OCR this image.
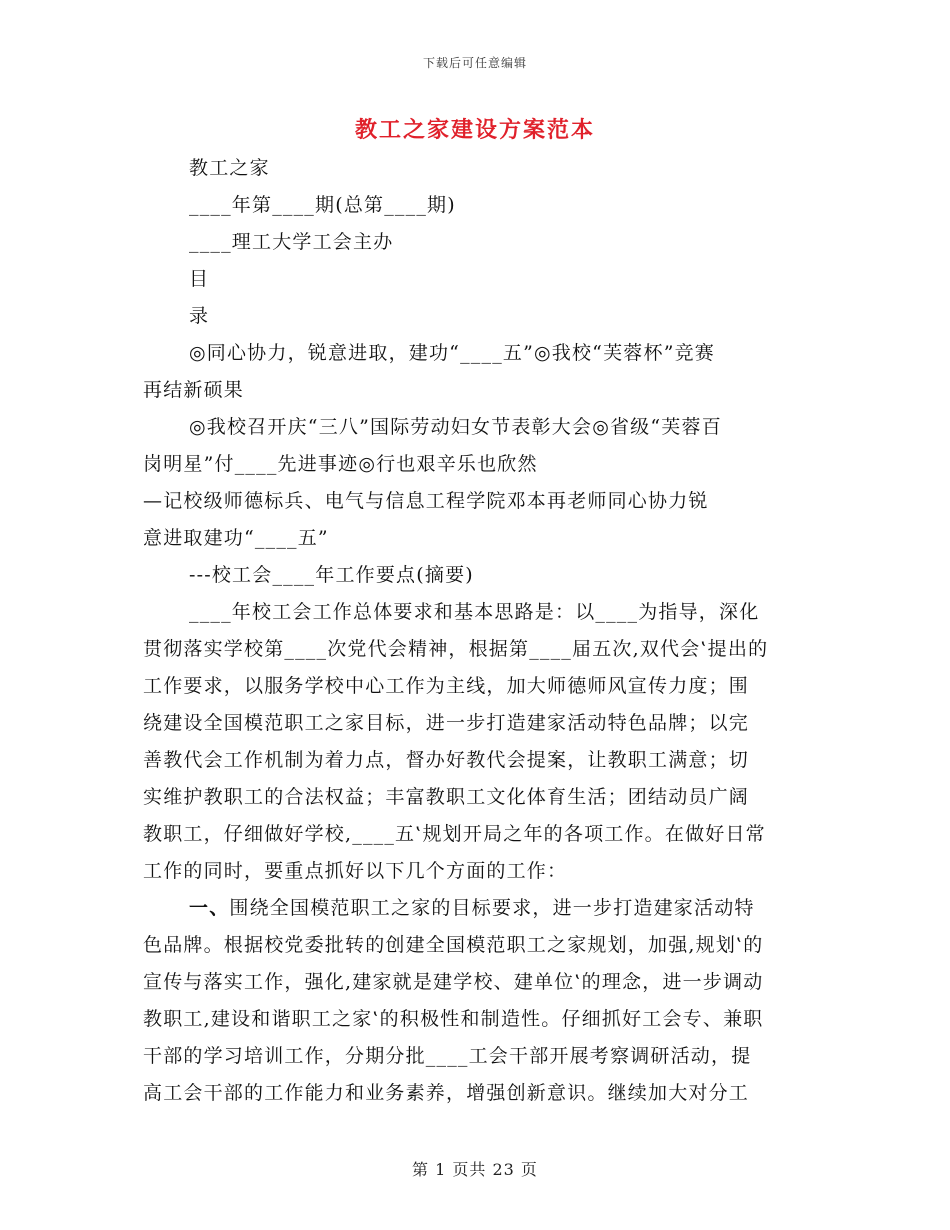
下载后可任意编辑
教工之家建设方案范本
教工之家
____年第____期(总第____期)
____理工大学工会主办
目
录
◎同心协力，锐意进取，建功“____五”◎我校“芙蓉杯”竞赛
再结新硕果
◎我校召开庆“三八”国际劳动妇女节表彰大会◎省级“芙蓉百
岗明星”付____先进事迹◎行也艰辛乐也欣然
—记校级师德标兵、电气与信息工程学院邓本再老师同心协力锐
意进取建功“____五”
---校工会____年工作要点(摘要)
____年校工会工作总体要求和基本思路是：以____为指导，深化
贯彻落实学校第____次党代会精神，根据第____届五次,双代会‛提出的
工作要求，以服务学校中心工作为主线，加大师德师风宣传力度；围
绕建设全国模范职工之家目标，进一步打造建家活动特色品牌；以完
善教代会工作机制为着力点，督办好教代会提案，让教职工满意；切
实维护教职工的合法权益；丰富教职工文化体育生活；团结动员广阔
教职工，仔细做好学校,____五‛规划开局之年的各项工作。在做好日常
工作的同时，要重点抓好以下几个方面的工作：
一、围绕全国模范职工之家的目标要求，进一步打造建家活动特
色品牌。根据校党委批转的创建全国模范职工之家规划，加强,规划‛的
宣传与落实工作，强化,建家就是建学校、建单位‛的理念，进一步调动
教职工,建设和谐职工之家‛的积极性和制造性。仔细抓好工会专、兼职
干部的学习培训工作，分期分批____工会干部开展考察调研活动，提
高工会干部的工作能力和业务素养，增强创新意识。继续加大对分工
第 1 页共 23 页
